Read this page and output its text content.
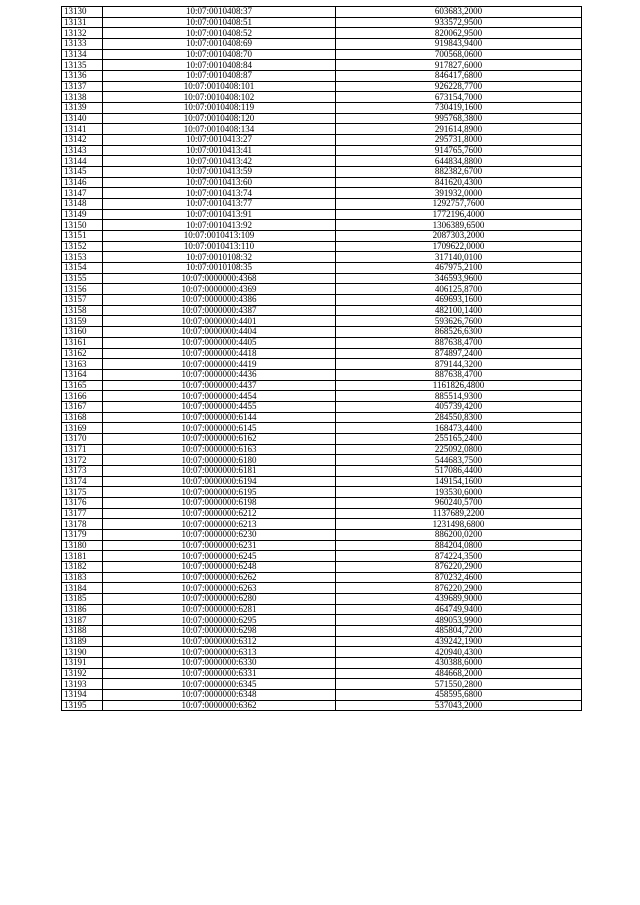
13130	10:07:0010408:37	603683,2000
13131	10:07:0010408:51	933572,9500
13132	10:07:0010408:52	820062,9500
13133	10:07:0010408:69	919843,9400
13134	10:07:0010408:70	700568,0600
13135	10:07:0010408:84	917827,6000
13136	10:07:0010408:87	846417,6800
13137	10:07:0010408:101	926228,7700
13138	10:07:0010408:102	673154,7000
13139	10:07:0010408:119	730419,1600
13140	10:07:0010408:120	995768,3800
13141	10:07:0010408:134	291614,8900
13142	10:07:0010413:27	295731,8000
13143	10:07:0010413:41	914765,7600
13144	10:07:0010413:42	644834,8800
13145	10:07:0010413:59	882382,6700
13146	10:07:0010413:60	841620,4300
13147	10:07:0010413:74	391932,0000
13148	10:07:0010413:77	1292757,7600
13149	10:07:0010413:91	1772196,4000
13150	10:07:0010413:92	1306389,6500
13151	10:07:0010413:109	2087303,2000
13152	10:07:0010413:110	1709622,0000
13153	10:07:0010108:32	317140,0100
13154	10:07:0010108:35	467975,2100
13155	10:07:0000000:4368	346593,9600
13156	10:07:0000000:4369	406125,8700
13157	10:07:0000000:4386	469693,1600
13158	10:07:0000000:4387	482100,1400
13159	10:07:0000000:4401	593626,7600
13160	10:07:0000000:4404	868526,6300
13161	10:07:0000000:4405	887638,4700
13162	10:07:0000000:4418	874897,2400
13163	10:07:0000000:4419	879144,3200
13164	10:07:0000000:4436	887638,4700
13165	10:07:0000000:4437	1161826,4800
13166	10:07:0000000:4454	885514,9300
13167	10:07:0000000:4455	405739,4200
13168	10:07:0000000:6144	284550,8300
13169	10:07:0000000:6145	168473,4400
13170	10:07:0000000:6162	255165,2400
13171	10:07:0000000:6163	225092,0800
13172	10:07:0000000:6180	544683,7500
13173	10:07:0000000:6181	517086,4400
13174	10:07:0000000:6194	149154,1600
13175	10:07:0000000:6195	193530,6000
13176	10:07:0000000:6198	960240,5700
13177	10:07:0000000:6212	1137689,2200
13178	10:07:0000000:6213	1231498,6800
13179	10:07:0000000:6230	886200,0200
13180	10:07:0000000:6231	884204,0800
13181	10:07:0000000:6245	874224,3500
13182	10:07:0000000:6248	876220,2900
13183	10:07:0000000:6262	870232,4600
13184	10:07:0000000:6263	876220,2900
13185	10:07:0000000:6280	439689,9000
13186	10:07:0000000:6281	464749,9400
13187	10:07:0000000:6295	489053,9900
13188	10:07:0000000:6298	485804,7200
13189	10:07:0000000:6312	439242,1900
13190	10:07:0000000:6313	420940,4300
13191	10:07:0000000:6330	430388,6000
13192	10:07:0000000:6331	484668,2000
13193	10:07:0000000:6345	571550,2800
13194	10:07:0000000:6348	458595,6800
13195	10:07:0000000:6362	537043,2000
